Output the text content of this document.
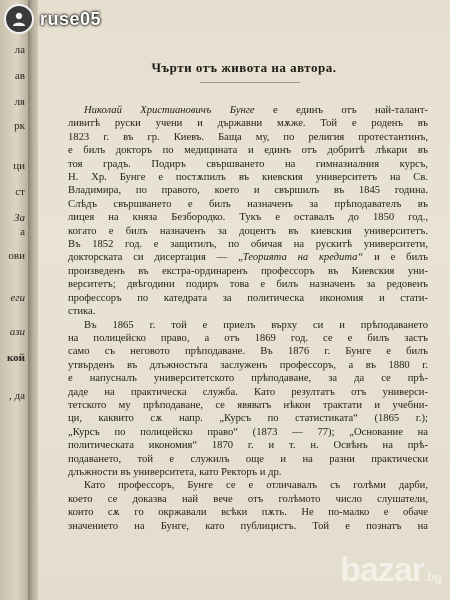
ла
ав
ля
рк
ци
ст
За
а
ови
еги
ази
кой
, да
Чърти отъ живота на автора.
Николай Христиановичъ Бунге е единъ отъ най-талант-
ливитѣ руски учени и държавни мѫже. Той е роденъ въ
1823 г. въ гр. Киевъ. Баща му, по религия протестантинъ,
е билъ докторъ по медицината и единъ отъ добритѣ лѣкари въ
тоя градъ. Подиръ свършването на гимназиалния курсъ,
Н. Хр. Бунге е постѫпилъ въ киевския университетъ на Св.
Владимира, по правото, което и свършилъ въ 1845 година.
Слѣдъ свършването е билъ назначенъ за прѣподавателъ въ
лицея на княза Безбородко. Тукъ е оставалъ до 1850 год.,
когато е билъ назначенъ за доцентъ въ киевския университетъ.
Въ 1852 год. е защитилъ, по обичая на рускитѣ университети,
докторската си дисертация — „Теорията на кредита“ и е билъ
произведенъ въ екстра-ординаренъ профессоръ въ Киевския уни-
верситетъ; двѣгодини подиръ това е билъ назначенъ за редовенъ
профессоръ по катедрата за политическа икономия и стати-
стика.
Въ 1865 г. той е приелъ върху си и прѣподаването
на полицейско право, а отъ 1869 год. се е билъ застъ
само съ неговото прѣподаване. Въ 1876 г. Бунге е билъ
утвърденъ въ длъжностьта заслуженъ профессоръ, а въ 1880 г.
е напусналъ университетското прѣподаване, за да се прѣ-
даде на практическа служба. Като резултатъ отъ универси-
тетското му прѣподаване, се явяватъ нѣкои трактати и учебни-
ци, каквито сѫ напр. „Курсъ по статистиката“ (1865 г.);
„Курсъ по полицейско право“ (1873 — 77); „Основание на
политическата икономия“ 1870 г. и т. н. Освѣнъ на прѣ-
подаването, той е служилъ още и на разни практически
длъжности въ университета, като Ректоръ и др.
Като профессоръ, Бунге се е отличавалъ съ голѣми дарби,
което се доказва най вече отъ голѣмото число слушатели,
които сѫ го окржавали всѣки пѫть. Не по-малко е обаче
значението на Бунге, като публицистъ. Той е познатъ на
ruse05
bazar.bg
